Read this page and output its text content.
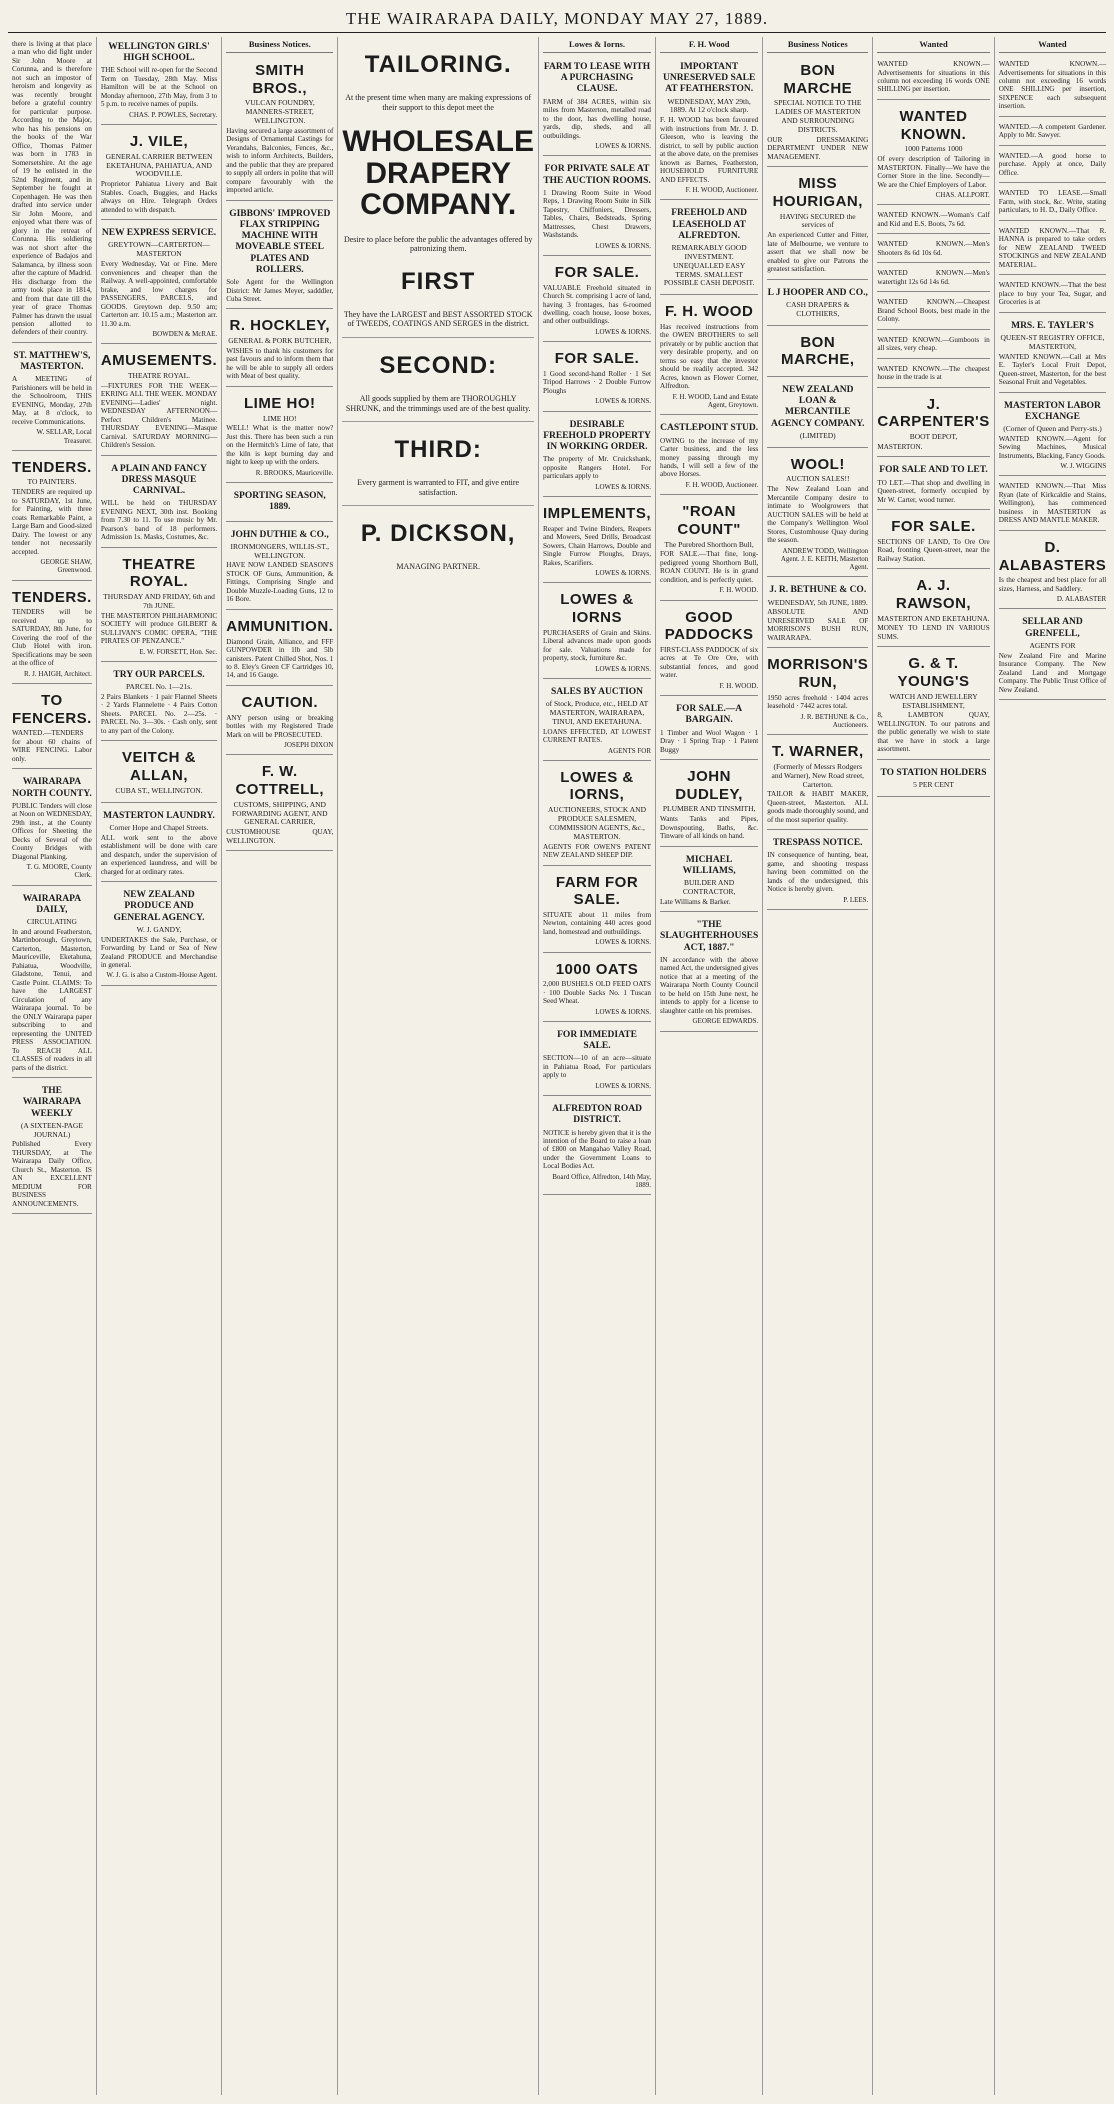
THE WAIRARAPA DAILY, MONDAY MAY 27, 1889.
there is living at that place a man who did fight under Sir John Moore at Corunna, and is therefore not such an impostor of heroism and longevity as was recently brought before a grateful country for particular purpose. According to the Major, who has his pensions on the books of the War Office, Thomas Palmer was born in 1783 in Somersetshire. At the age of 19 he enlisted in the 52nd Regiment, and in September he fought at Copenhagen. He was then drafted into service under Sir John Moore, and enjoyed what there was of glory in the retreat of Corunna. His soldiering was not short after the experience of Badajos and Salamanca, by illness soon after the capture of Madrid. His discharge from the army took place in 1814, and from that date till the year of grace Thomas Palmer has drawn the usual pension allotted to defenders of their country.
ST. MATTHEW'S, MASTERTON.
A MEETING of Parishioners will be held in the Schoolroom, THIS EVENING, Monday, 27th May, at 8 o'clock, to receive Communications.
W. SELLAR, Local Treasurer.
TENDERS.
TO PAINTERS.
TENDERS are required up to SATURDAY, 1st June, for Painting, with three coats Remarkable Paint, a Large Barn and Good-sized Dairy. The lowest or any tender not necessarily accepted.
GEORGE SHAW, Greenwood.
TENDERS.
TENDERS will be received up to SATURDAY, 8th June, for Covering the roof of the Club Hotel with iron. Specifications may be seen at the office of
R. J. HAIGH, Architect.
TO FENCERS.
WANTED.—TENDERS for about 60 chains of WIRE FENCING. Labor only.
WAIRARAPA NORTH COUNTY.
PUBLIC Tenders will close at Noon on WEDNESDAY, 29th inst., at the County Offices for Sheeting the Decks of Several of the County Bridges with Diagonal Planking.
T. G. MOORE, County Clerk.
WAIRARAPA DAILY,
CIRCULATING
In and around Featherston, Martinborough, Greytown, Carterton, Masterton, Mauriceville, Eketahuna, Pahiatua, Woodville, Gladstone, Tenui, and Castle Point. CLAIMS: To have the LARGEST Circulation of any Wairarapa journal. To be the ONLY Wairarapa paper subscribing to and representing the UNITED PRESS ASSOCIATION. To REACH ALL CLASSES of readers in all parts of the district.
THE WAIRARAPA WEEKLY
(A SIXTEEN-PAGE JOURNAL)
Published Every THURSDAY, at The Wairarapa Daily Office, Church St., Masterton. IS AN EXCELLENT MEDIUM FOR BUSINESS ANNOUNCEMENTS.
WELLINGTON GIRLS' HIGH SCHOOL.
THE School will re-open for the Second Term on Tuesday, 28th May. Miss Hamilton will be at the School on Monday afternoon, 27th May, from 3 to 5 p.m. to receive names of pupils.
CHAS. P. POWLES, Secretary.
J. VILE,
GENERAL CARRIER BETWEEN EKETAHUNA, PAHIATUA, AND WOODVILLE.
Proprietor Pahiatua Livery and Bait Stables. Coach, Buggies, and Hacks always on Hire. Telegraph Orders attended to with despatch.
NEW EXPRESS SERVICE.
GREYTOWN—CARTERTON—MASTERTON
Every Wednesday, Vat or Fine. Mere conveniences and cheaper than the Railway. A well-appointed, comfortable brake, and low charges for PASSENGERS, PARCELS, and GOODS. Greytown dep. 9.50 am; Carterton arr. 10.15 a.m.; Masterton arr. 11.30 a.m.
BOWDEN & McRAE.
AMUSEMENTS.
THEATRE ROYAL.
—FIXTURES FOR THE WEEK— EKRING ALL THE WEEK. MONDAY EVENING—Ladies' night. WEDNESDAY AFTERNOON—Perfect Children's Matinee. THURSDAY EVENING—Masque Carnival. SATURDAY MORNING—Children's Session.
A PLAIN AND FANCY DRESS MASQUE CARNIVAL.
WILL be held on THURSDAY EVENING NEXT, 30th inst. Booking from 7.30 to 11. To use music by Mr. Pearson's band of 18 performers. Admission 1s. Masks, Costumes, &c.
THEATRE ROYAL.
THURSDAY AND FRIDAY, 6th and 7th JUNE.
THE MASTERTON PHILHARMONIC SOCIETY will produce GILBERT & SULLIVAN'S COMIC OPERA, "THE PIRATES OF PENZANCE."
E. W. FORSETT, Hon. Sec.
TRY OUR PARCELS.
PARCEL No. 1—21s.
2 Pairs Blankets · 1 pair Flannel Sheets · 2 Yards Flannelette · 4 Pairs Cotton Sheets. PARCEL No. 2—25s. · PARCEL No. 3—30s. · Cash only, sent to any part of the Colony.
VEITCH & ALLAN,
CUBA ST., WELLINGTON.
MASTERTON LAUNDRY.
Corner Hope and Chapel Streets.
ALL work sent to the above establishment will be done with care and despatch, under the supervision of an experienced laundress, and will be charged for at ordinary rates.
NEW ZEALAND PRODUCE AND GENERAL AGENCY.
W. J. GANDY,
UNDERTAKES the Sale, Purchase, or Forwarding by Land or Sea of New Zealand PRODUCE and Merchandise in general.
W. J. G. is also a Custom-House Agent.
Business Notices.
SMITH BROS.,
VULCAN FOUNDRY, MANNERS-STREET, WELLINGTON.
Having secured a large assortment of Designs of Ornamental Castings for Verandahs, Balconies, Fences, &c., wish to inform Architects, Builders, and the public that they are prepared to supply all orders in polite that will compare favourably with the imported article.
GIBBONS' IMPROVED FLAX STRIPPING MACHINE WITH MOVEABLE STEEL PLATES AND ROLLERS.
Sole Agent for the Wellington District: Mr James Meyer, sadddler, Cuba Street.
R. HOCKLEY,
GENERAL & PORK BUTCHER,
WISHES to thank his customers for past favours and to inform them that he will be able to supply all orders with Meat of best quality.
LIME HO!
LIME HO!
WELL! What is the matter now? Just this. There has been such a run on the Hermitch's Lime of late, that the kiln is kept burning day and night to keep up with the orders.
R. BROOKS, Mauriceville.
SPORTING SEASON, 1889.
JOHN DUTHIE & CO.,
IRONMONGERS, WILLIS-ST., WELLINGTON.
HAVE NOW LANDED SEASON'S STOCK OF Guns, Ammunition, & Fittings, Comprising Single and Double Muzzle-Loading Guns, 12 to 16 Bore.
AMMUNITION.
Diamond Grain, Alliance, and FFF GUNPOWDER in 1lb and 5lb canisters. Patent Chilled Shot, Nos. 1 to 8. Eley's Green CF Cartridges 10, 14, and 16 Gauge.
CAUTION.
ANY person using or breaking bottles with my Registered Trade Mark on will be PROSECUTED.
JOSEPH DIXON
F. W. COTTRELL,
CUSTOMS, SHIPPING, AND FORWARDING AGENT, AND GENERAL CARRIER,
CUSTOMHOUSE QUAY, WELLINGTON.
TAILORING.
At the present time when many are making expressions of their support to this depot meet the
WHOLESALE DRAPERY COMPANY.
Desire to place before the public the advantages offered by patronizing them.
FIRST
They have the LARGEST and BEST ASSORTED STOCK of TWEEDS, COATINGS AND SERGES in the district.
SECOND:
All goods supplied by them are THOROUGHLY SHRUNK, and the trimmings used are of the best quality.
THIRD:
Every garment is warranted to FIT, and give entire satisfaction.
P. DICKSON,
MANAGING PARTNER.
Lowes & Iorns.
FARM TO LEASE WITH A PURCHASING CLAUSE.
FARM of 384 ACRES, within six miles from Masterton, metalled road to the door, has dwelling house, yards, dip, sheds, and all outbuildings.
LOWES & IORNS.
FOR PRIVATE SALE AT THE AUCTION ROOMS.
1 Drawing Room Suite in Wood Reps, 1 Drawing Room Suite in Silk Tapestry, Chiffoniers, Dressers, Tables, Chairs, Bedsteads, Spring Mattresses, Chest Drawers, Washstands.
LOWES & IORNS.
FOR SALE.
VALUABLE Freehold situated in Church St. comprising 1 acre of land, having 3 frontages, has 6-roomed dwelling, coach house, loose boxes, and other outbuildings.
LOWES & IORNS.
FOR SALE.
1 Good second-hand Roller · 1 Set Tripod Harrows · 2 Double Furrow Ploughs
LOWES & IORNS.
DESIRABLE FREEHOLD PROPERTY IN WORKING ORDER.
The property of Mr. Cruickshank, opposite Rangers Hotel. For particulars apply to
LOWES & IORNS.
IMPLEMENTS,
Reaper and Twine Binders, Reapers and Mowers, Seed Drills, Broadcast Sowers, Chain Harrows, Double and Single Furrow Ploughs, Drays, Rakes, Scarifiers.
LOWES & IORNS.
LOWES & IORNS
PURCHASERS of Grain and Skins. Liberal advances made upon goods for sale. Valuations made for property, stock, furniture &c.
LOWES & IORNS.
SALES BY AUCTION
of Stock, Produce, etc., HELD AT MASTERTON, WAIRARAPA, TINUI, AND EKETAHUNA.
LOANS EFFECTED, AT LOWEST CURRENT RATES.
AGENTS FOR
LOWES & IORNS,
AUCTIONEERS, STOCK AND PRODUCE SALESMEN, COMMISSION AGENTS, &c., MASTERTON.
AGENTS FOR OWEN'S PATENT NEW ZEALAND SHEEP DIP.
FARM FOR SALE.
SITUATE about 11 miles from Newton, containing 440 acres good land, homestead and outbuildings.
LOWES & IORNS.
1000 OATS
2,000 BUSHELS OLD FEED OATS · 100 Double Sacks No. 1 Tuscan Seed Wheat.
LOWES & IORNS.
FOR IMMEDIATE SALE.
SECTION—10 of an acre—situate in Pahiatua Road, For particulars apply to
LOWES & IORNS.
ALFREDTON ROAD DISTRICT.
NOTICE is hereby given that it is the intention of the Board to raise a loan of £800 on Mangahao Valley Road, under the Government Loans to Local Bodies Act.
Board Office, Alfredton, 14th May, 1889.
F. H. Wood
IMPORTANT UNRESERVED SALE AT FEATHERSTON.
WEDNESDAY, MAY 29th, 1889. At 12 o'clock sharp.
F. H. WOOD has been favoured with instructions from Mr. J. D. Gleeson, who is leaving the district, to sell by public auction at the above date, on the premises known as Barnes, Featherston, HOUSEHOLD FURNITURE AND EFFECTS.
F. H. WOOD, Auctioneer.
FREEHOLD AND LEASEHOLD AT ALFREDTON.
REMARKABLY GOOD INVESTMENT. UNEQUALLED EASY TERMS. SMALLEST POSSIBLE CASH DEPOSIT.
F. H. WOOD
Has received instructions from the OWEN BROTHERS to sell privately or by public auction that very desirable property, and on terms so easy that the investor should be readily accepted. 342 Acres, known as Flower Corner, Alfredton.
F. H. WOOD, Land and Estate Agent, Greytown.
CASTLEPOINT STUD.
OWING to the increase of my Carter business, and the less money passing through my hands, I will sell a few of the above Horses.
F. H. WOOD, Auctioneer.
"ROAN COUNT"
The Purebred Shorthorn Bull,
FOR SALE.—That fine, long-pedigreed young Shorthorn Bull, ROAN COUNT. He is in grand condition, and is perfectly quiet.
F. H. WOOD.
GOOD PADDOCKS
FIRST-CLASS PADDOCK of six acres at Te Ore Ore, with substantial fences, and good water.
F. H. WOOD.
FOR SALE.—A BARGAIN.
1 Timber and Wool Wagon · 1 Dray · 1 Spring Trap · 1 Patent Buggy
JOHN DUDLEY,
PLUMBER AND TINSMITH,
Wants Tanks and Pipes, Downspouting, Baths, &c. Tinware of all kinds on hand.
MICHAEL WILLIAMS,
BUILDER AND CONTRACTOR,
Late Williams & Barker.
"THE SLAUGHTERHOUSES ACT, 1887."
IN accordance with the above named Act, the undersigned gives notice that at a meeting of the Wairarapa North County Council to be held on 15th June next, he intends to apply for a license to slaughter cattle on his premises.
GEORGE EDWARDS.
Business Notices
BON MARCHE
SPECIAL NOTICE TO THE LADIES OF MASTERTON AND SURROUNDING DISTRICTS.
OUR DRESSMAKING DEPARTMENT UNDER NEW MANAGEMENT.
MISS HOURIGAN,
HAVING SECURED the services of
An experienced Cutter and Fitter, late of Melbourne, we venture to assert that we shall now be enabled to give our Patrons the greatest satisfaction.
L J HOOPER AND CO.,
CASH DRAPERS & CLOTHIERS,
BON MARCHE,
NEW ZEALAND LOAN & MERCANTILE AGENCY COMPANY.
(LIMITED)
WOOL!
AUCTION SALES!!
The New Zealand Loan and Mercantile Company desire to intimate to Woolgrowers that AUCTION SALES will be held at the Company's Wellington Wool Stores, Customhouse Quay during the season.
ANDREW TODD, Wellington Agent. J. E. KEITH, Masterton Agent.
J. R. BETHUNE & CO.
WEDNESDAY, 5th JUNE, 1889.
ABSOLUTE AND UNRESERVED SALE OF MORRISON'S BUSH RUN, WAIRARAPA.
MORRISON'S RUN,
1950 acres freehold · 1404 acres leasehold · 7442 acres total.
J. R. BETHUNE & Co., Auctioneers.
T. WARNER,
(Formerly of Messrs Rodgers and Warner), New Road street, Carterton.
TAILOR & HABIT MAKER, Queen-street, Masterton. ALL goods made thoroughly sound, and of the most superior quality.
TRESPASS NOTICE.
IN consequence of hunting, beat, game, and shooting trespass having been committed on the lands of the undersigned, this Notice is hereby given.
P. LEES.
Wanted
WANTED KNOWN.—Advertisements for situations in this column not exceeding 16 words ONE SHILLING per insertion.
WANTED KNOWN.
1000 Patterns 1000
Of every description of Tailoring in MASTERTON. Finally—We have the Corner Store in the line. Secondly—We are the Chief Employers of Labor.
CHAS. ALLPORT.
WANTED KNOWN.—Woman's Calf and Kid and E.S. Boots, 7s 6d.
WANTED KNOWN.—Men's Shooters 8s 6d 10s 6d.
WANTED KNOWN.—Men's watertight 12s 6d 14s 6d.
WANTED KNOWN.—Cheapest Brand School Boots, best made in the Colony.
WANTED KNOWN.—Gumboots in all sizes, very cheap.
WANTED KNOWN.—The cheapest house in the trade is at
J. CARPENTER'S
BOOT DEPOT,
MASTERTON.
FOR SALE AND TO LET.
TO LET.—That shop and dwelling in Queen-street, formerly occupied by Mr W. Carter, wood turner.
FOR SALE.
SECTIONS OF LAND, To Ore Ore Road, fronting Queen-street, near the Railway Station.
A. J. RAWSON,
MASTERTON AND EKETAHUNA.
MONEY TO LEND IN VARIOUS SUMS.
G. & T. YOUNG'S
WATCH AND JEWELLERY ESTABLISHMENT,
8, LAMBTON QUAY, WELLINGTON. To our patrons and the public generally we wish to state that we have in stock a large assortment.
TO STATION HOLDERS
5 PER CENT
Wanted
WANTED KNOWN.—Advertisements for situations in this column not exceeding 16 words ONE SHILLING per insertion, SIXPENCE each subsequent insertion.
WANTED.—A competent Gardener. Apply to Mr. Sawyer.
WANTED.—A good horse to purchase. Apply at once, Daily Office.
WANTED TO LEASE.—Small Farm, with stock, &c. Write, stating particulars, to H. D., Daily Office.
WANTED KNOWN.—That R. HANNA is prepared to take orders for NEW ZEALAND TWEED STOCKINGS and NEW ZEALAND MATERIAL.
WANTED KNOWN.—That the best place to buy your Tea, Sugar, and Groceries is at
MRS. E. TAYLER'S
QUEEN-ST REGISTRY OFFICE, MASTERTON,
WANTED KNOWN.—Call at Mrs E. Tayler's Local Fruit Depot, Queen-street, Masterton, for the best Seasonal Fruit and Vegetables.
MASTERTON LABOR EXCHANGE
(Corner of Queen and Perry-sts.)
WANTED KNOWN.—Agent for Sewing Machines, Musical Instruments, Blacking, Fancy Goods.
W. J. WIGGINS
WANTED KNOWN.—That Miss Ryan (late of Kirkcaldie and Stains, Wellington), has commenced business in MASTERTON as DRESS AND MANTLE MAKER.
D. ALABASTERS
Is the cheapest and best place for all sizes, Harness, and Saddlery.
D. ALABASTER
SELLAR AND GRENFELL,
AGENTS FOR
New Zealand Fire and Marine Insurance Company. The New Zealand Land and Mortgage Company. The Public Trust Office of New Zealand.
